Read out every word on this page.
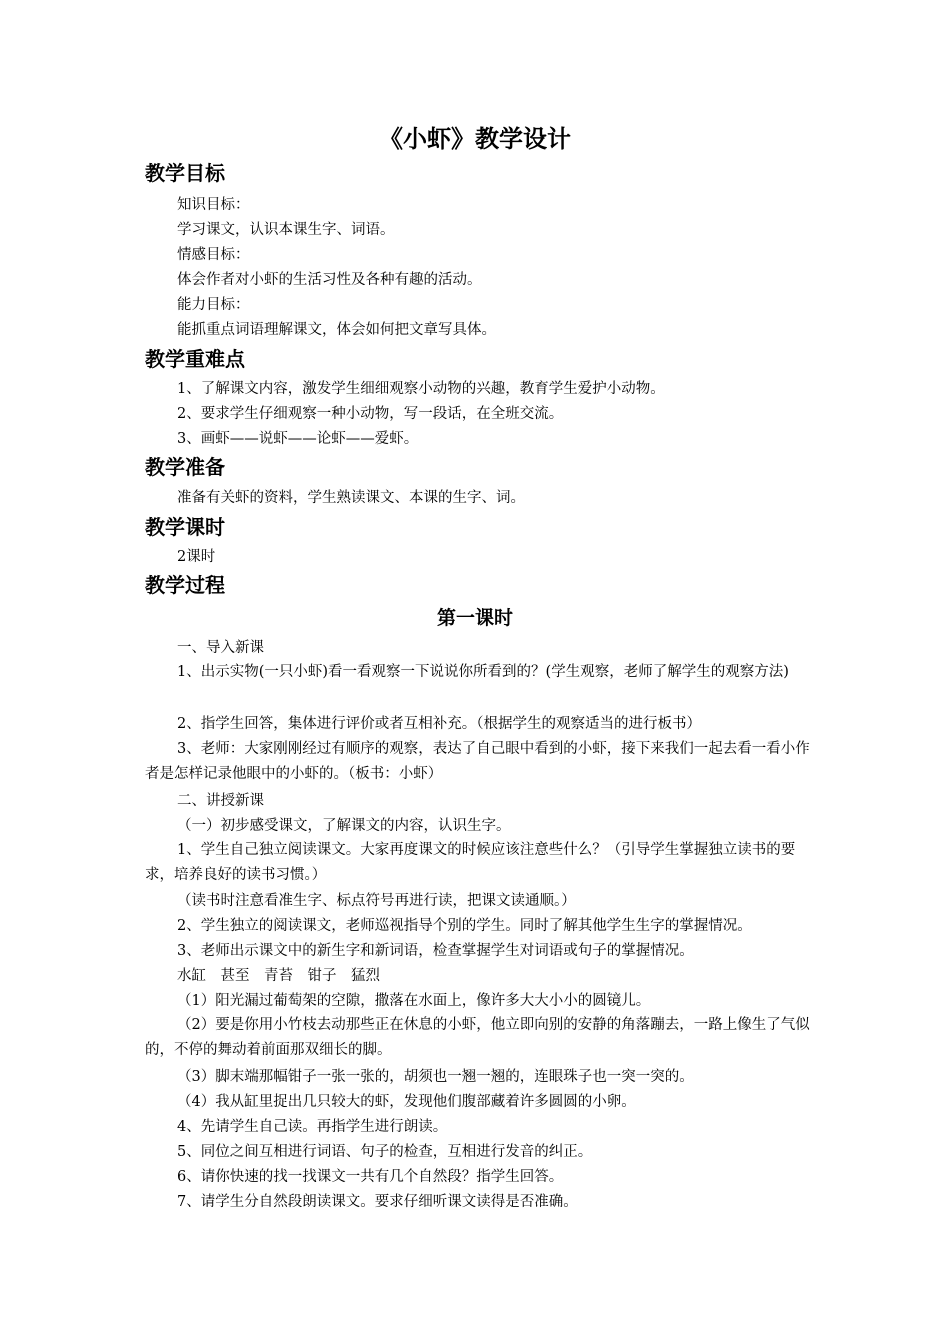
《小虾》教学设计
教学目标
知识目标：
学习课文，认识本课生字、词语。
情感目标：
体会作者对小虾的生活习性及各种有趣的活动。
能力目标：
能抓重点词语理解课文，体会如何把文章写具体。
教学重难点
1、了解课文内容，激发学生细细观察小动物的兴趣，教育学生爱护小动物。
2、要求学生仔细观察一种小动物，写一段话，在全班交流。
3、画虾——说虾——论虾——爱虾。
教学准备
准备有关虾的资料，学生熟读课文、本课的生字、词。
教学课时
2课时
教学过程
第一课时
一、导入新课
1、出示实物(一只小虾)看一看观察一下说说你所看到的？(学生观察，老师了解学生的观察方法)
2、指学生回答，集体进行评价或者互相补充。（根据学生的观察适当的进行板书）
3、老师：大家刚刚经过有顺序的观察，表达了自己眼中看到的小虾，接下来我们一起去看一看小作者是怎样记录他眼中的小虾的。（板书：小虾）
二、讲授新课
（一）初步感受课文，了解课文的内容，认识生字。
1、学生自己独立阅读课文。大家再度课文的时候应该注意些什么？（引导学生掌握独立读书的要求，培养良好的读书习惯。）
（读书时注意看准生字、标点符号再进行读，把课文读通顺。）
2、学生独立的阅读课文，老师巡视指导个别的学生。同时了解其他学生生字的掌握情况。
3、老师出示课文中的新生字和新词语，检查掌握学生对词语或句子的掌握情况。
水缸　甚至　青苔　钳子　猛烈
（1）阳光漏过葡萄架的空隙，撒落在水面上，像许多大大小小的圆镜儿。
（2）要是你用小竹枝去动那些正在休息的小虾，他立即向别的安静的角落蹦去，一路上像生了气似的，不停的舞动着前面那双细长的脚。
（3）脚末端那幅钳子一张一张的，胡须也一翘一翘的，连眼珠子也一突一突的。
（4）我从缸里捉出几只较大的虾，发现他们腹部藏着许多圆圆的小卵。
4、先请学生自己读。再指学生进行朗读。
5、同位之间互相进行词语、句子的检查，互相进行发音的纠正。
6、请你快速的找一找课文一共有几个自然段？指学生回答。
7、请学生分自然段朗读课文。要求仔细听课文读得是否准确。
